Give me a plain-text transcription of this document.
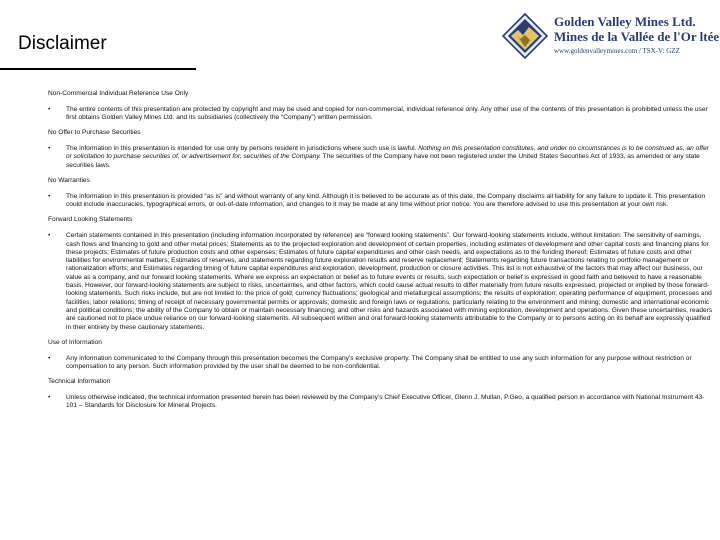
Disclaimer
Golden Valley Mines Ltd.
Mines de la Vallée de l'Or ltée
www.goldenvalleymines.com / TSX-V: GZZ
Non-Commercial Individual Reference Use Only
• The entire contents of this presentation are protected by copyright and may be used and copied for non-commercial, individual reference only. Any other use of the contents of this presentation is prohibited unless the user first obtains Golden Valley Mines Ltd. and its subsidiaries (collectively the “Company”) written permission.
No Offer to Purchase Securities
• The information in this presentation is intended for use only by persons resident in jurisdictions where such use is lawful. Nothing on this presentation constitutes, and under no circumstances is to be construed as, an offer or solicitation to purchase securities of, or advertisement for, securities of the Company. The securities of the Company have not been registered under the United States Securities Act of 1933, as amended or any state securities laws.
No Warranties
• The information in this presentation is provided “as is” and without warranty of any kind. Although it is believed to be accurate as of this date, the Company disclaims all liability for any failure to update it. This presentation could include inaccuracies, typographical errors, or out-of-date information, and changes to it may be made at any time without prior notice. You are therefore advised to use this presentation at your own risk.
Forward Looking Statements
• Certain statements contained in this presentation (including information incorporated by reference) are “forward looking statements”. Our forward-looking statements include, without limitation: The sensitivity of earnings, cash flows and financing to gold and other metal prices; Statements as to the projected exploration and development of certain properties, including estimates of development and other capital costs and financing plans for these projects; Estimates of future production costs and other expenses; Estimates of future capital expenditures and other cash needs, and expectations as to the funding thereof; Estimates of future costs and other liabilities for environmental matters; Estimates of reserves, and statements regarding future exploration results and reserve replacement; Statements regarding future transactions relating to portfolio management or rationalization efforts; and Estimates regarding timing of future capital expenditures and exploration, development, production or closure activities. This list is not exhaustive of the factors that may affect our business, our value as a company, and our forward looking statements. Where we express an expectation or belief as to future events or results, such expectation or belief is expressed in good faith and believed to have a reasonable basis. However, our forward-looking statements are subject to risks, uncertainties, and other factors, which could cause actual results to differ materially from future results expressed, projected or implied by those forward-looking statements. Such risks include, but are not limited to: the price of gold; currency fluctuations; geological and metallurgical assumptions; the results of exploration; operating performance of equipment, processes and facilities; labor relations; timing of receipt of necessary governmental permits or approvals; domestic and foreign laws or regulations, particularly relating to the environment and mining; domestic and international economic and political conditions; the ability of the Company to obtain or maintain necessary financing; and other risks and hazards associated with mining exploration, development and operations. Given these uncertainties, readers are cautioned not to place undue reliance on our forward-looking statements. All subsequent written and oral forward-looking statements attributable to the Company or to persons acting on its behalf are expressly qualified in their entirety by these cautionary statements.
Use of Information
• Any information communicated to the Company through this presentation becomes the Company’s exclusive property. The Company shall be entitled to use any such information for any purpose without restriction or compensation to any person. Such information provided by the user shall be deemed to be non-confidential.
Technical Information
• Unless otherwise indicated, the technical information presented herein has been reviewed by the Company’s Chief Executive Officer, Glenn J. Mullan, P.Geo, a qualified person in accordance with National Instrument 43-101 – Standards for Disclosure for Mineral Projects.
